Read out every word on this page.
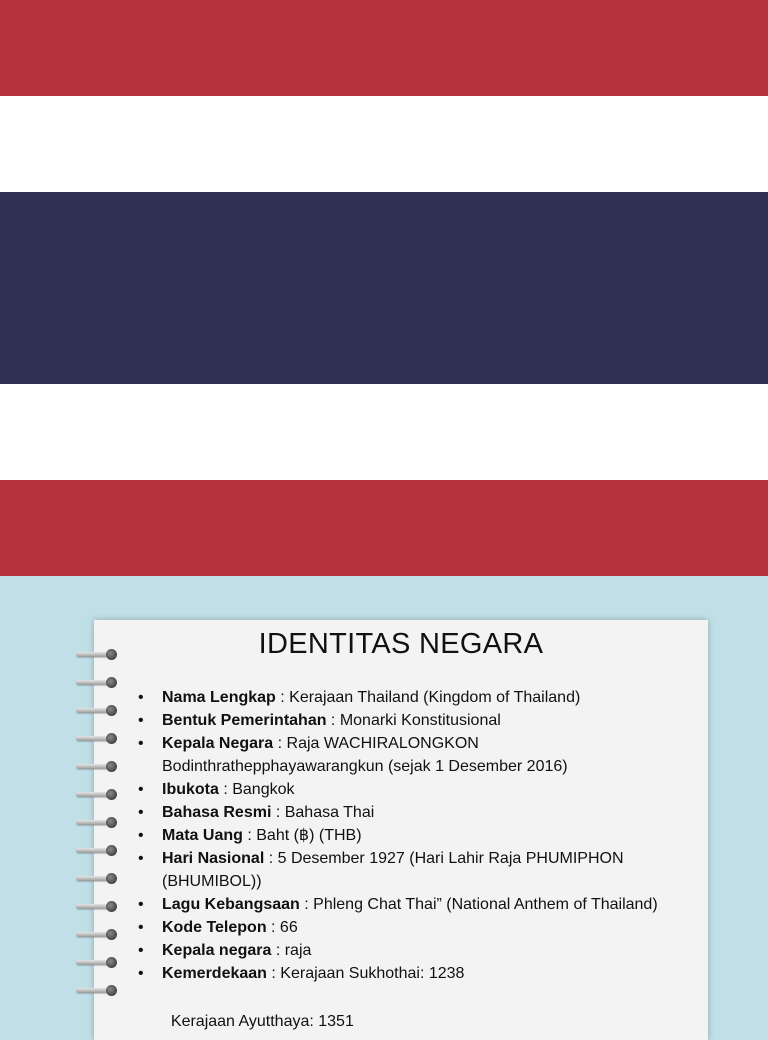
IDENTITAS NEGARA
• Nama Lengkap : Kerajaan Thailand (Kingdom of Thailand)
• Bentuk Pemerintahan : Monarki Konstitusional
• Kepala Negara : Raja WACHIRALONGKON Bodinthrathepphayawarangkun (sejak 1 Desember 2016)
• Ibukota : Bangkok
• Bahasa Resmi : Bahasa Thai
• Mata Uang : Baht (฿) (THB)
• Hari Nasional : 5 Desember 1927 (Hari Lahir Raja PHUMIPHON (BHUMIBOL))
• Lagu Kebangsaan : Phleng Chat Thai” (National Anthem of Thailand)
• Kode Telepon : 66
• Kepala negara : raja
• Kemerdekaan : Kerajaan Sukhothai: 1238
Kerajaan Ayutthaya: 1351
